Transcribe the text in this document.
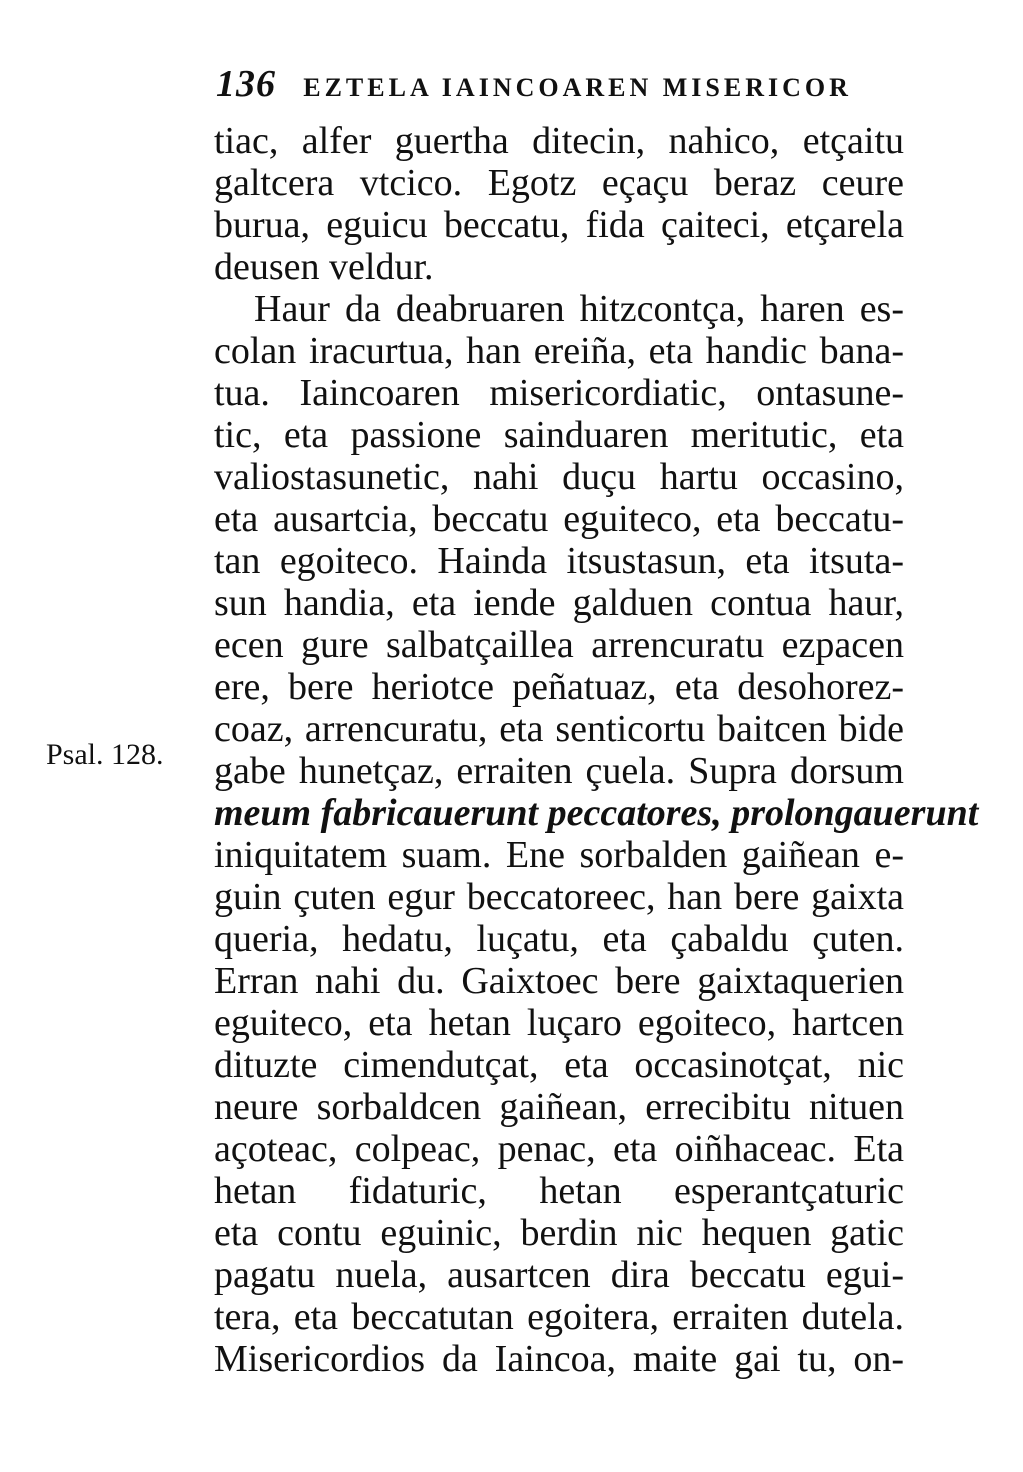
136 EZTELA IAINCOAREN MISERICOR
Psal. 128.
tiac, alfer guertha ditecin, nahico, etçaitu
galtcera vtcico. Egotz eçaçu beraz ceure
burua, eguicu beccatu, fida çaiteci, etçarela
deusen veldur.
Haur da deabruaren hitzcontça, haren es-
colan iracurtua, han ereiña, eta handic bana-
tua. Iaincoaren misericordiatic, ontasune-
tic, eta passione sainduaren meritutic, eta
valiostasunetic, nahi duçu hartu occasino,
eta ausartcia, beccatu eguiteco, eta beccatu-
tan egoiteco. Hainda itsustasun, eta itsuta-
sun handia, eta iende galduen contua haur,
ecen gure salbatçaillea arrencuratu ezpacen
ere, bere heriotce peñatuaz, eta desohorez-
coaz, arrencuratu, eta senticortu baitcen bide
gabe hunetçaz, erraiten çuela. Supra dorsum
meum fabricauerunt peccatores, prolongauerunt
iniquitatem suam. Ene sorbalden gaiñean e-
guin çuten egur beccatoreec, han bere gaixta
queria, hedatu, luçatu, eta çabaldu çuten.
Erran nahi du. Gaixtoec bere gaixtaquerien
eguiteco, eta hetan luçaro egoiteco, hartcen
dituzte cimendutçat, eta occasinotçat, nic
neure sorbaldcen gaiñean, errecibitu nituen
açoteac, colpeac, penac, eta oiñhaceac. Eta
hetan fidaturic, hetan esperantçaturic
eta contu eguinic, berdin nic hequen gatic
pagatu nuela, ausartcen dira beccatu egui-
tera, eta beccatutan egoitera, erraiten dutela.
Misericordios da Iaincoa, maite gai tu, on-
